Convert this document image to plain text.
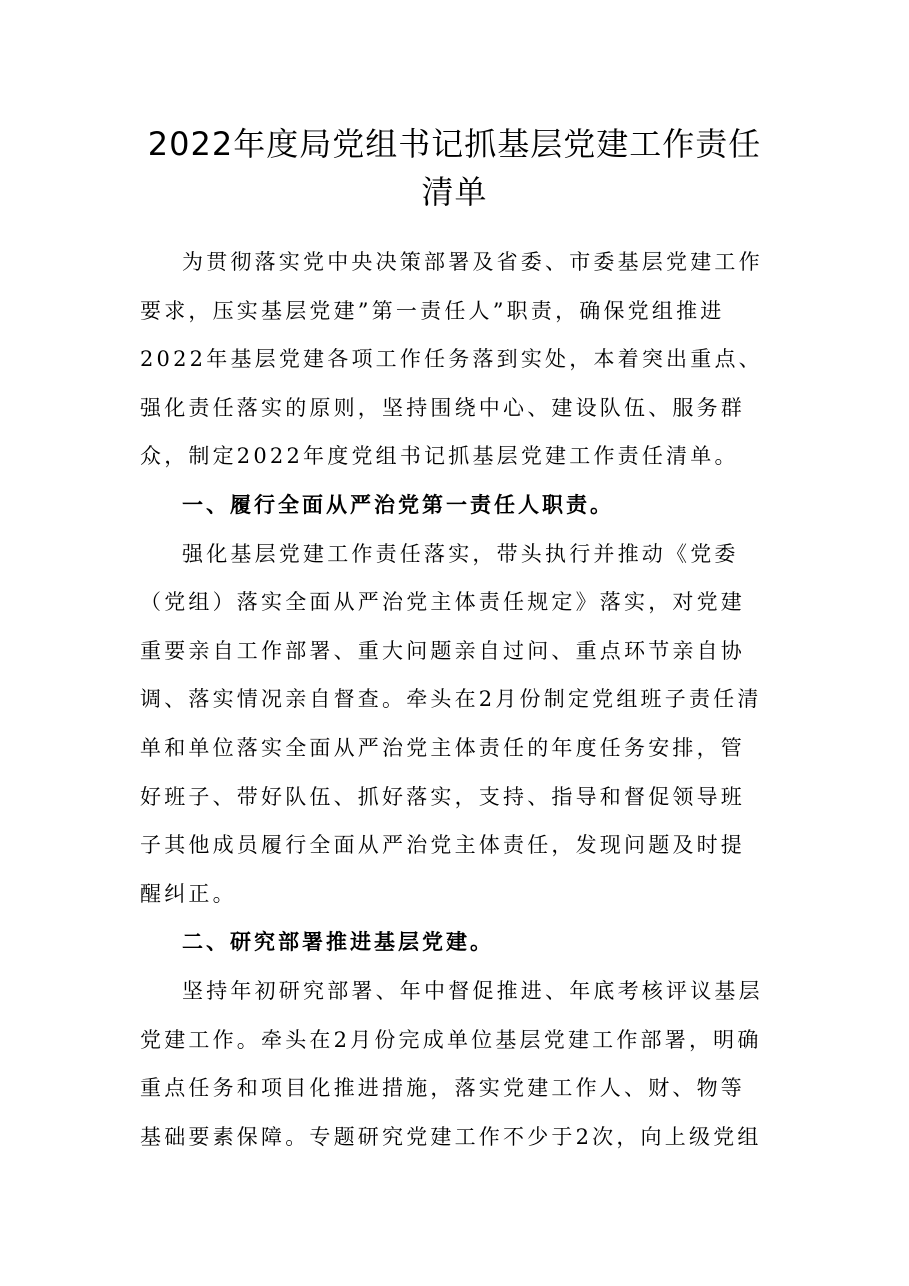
2022年度局党组书记抓基层党建工作责任
清单
为贯彻落实党中央决策部署及省委、市委基层党建工作
要求，压实基层党建”第一责任人”职责，确保党组推进
2022年基层党建各项工作任务落到实处，本着突出重点、
强化责任落实的原则，坚持围绕中心、建设队伍、服务群
众，制定2022年度党组书记抓基层党建工作责任清单。
一、履行全面从严治党第一责任人职责。
强化基层党建工作责任落实，带头执行并推动《党委
（党组）落实全面从严治党主体责任规定》落实，对党建
重要亲自工作部署、重大问题亲自过问、重点环节亲自协
调、落实情况亲自督查。牵头在2月份制定党组班子责任清
单和单位落实全面从严治党主体责任的年度任务安排，管
好班子、带好队伍、抓好落实，支持、指导和督促领导班
子其他成员履行全面从严治党主体责任，发现问题及时提
醒纠正。
二、研究部署推进基层党建。
坚持年初研究部署、年中督促推进、年底考核评议基层
党建工作。牵头在2月份完成单位基层党建工作部署，明确
重点任务和项目化推进措施，落实党建工作人、财、物等
基础要素保障。专题研究党建工作不少于2次，向上级党组
